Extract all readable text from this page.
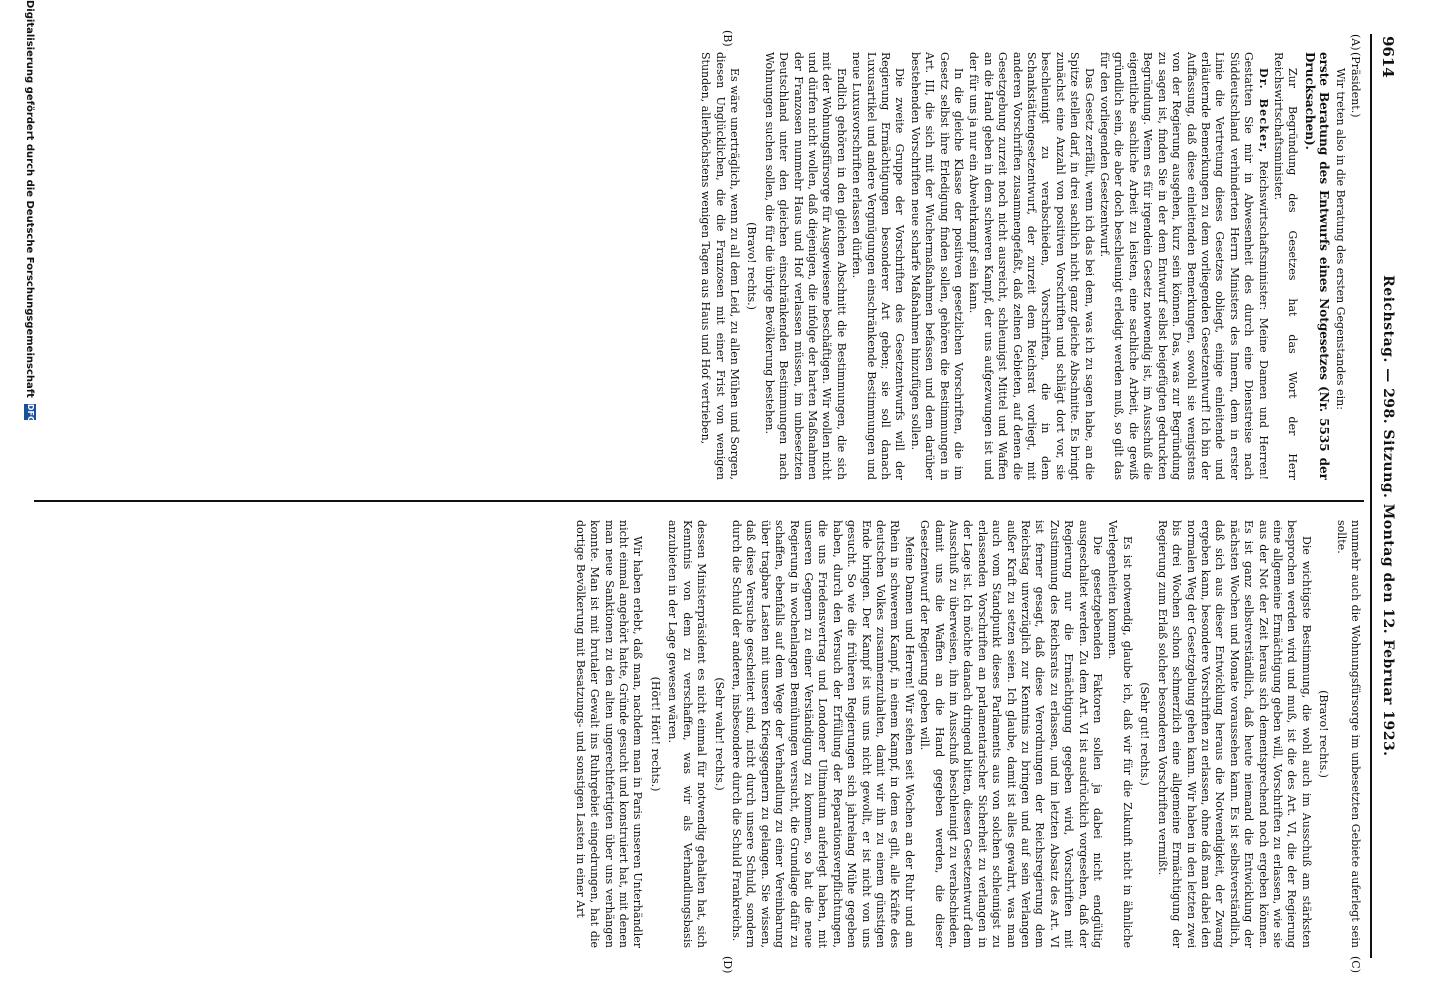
9614
Reichstag. — 298. Sitzung. Montag den 12. Februar 1923.
(A)
(B)
(C)
(D)

(Präsident.)

Wir treten also in die Beratung des ersten Gegenstandes ein:

erste Beratung des Entwurfs eines Notgesetzes (Nr. 5535 der Drucksachen).

Zur Begründung des Gesetzes hat das Wort der Herr Reichswirtschaftsminister.

Dr. Becker, Reichswirtschaftsminister: Meine Damen und Herren! Gestatten Sie mir in Abwesenheit des durch eine Dienstreise nach Süddeutschland verhinderten Herrn Ministers des Innern, dem in erster Linie die Vertretung dieses Gesetzes obliegt, einige einleitende und erläuternde Bemerkungen zu dem vorliegenden Gesetzentwurf! Ich bin der Auffassung, daß diese einleitenden Bemerkungen, sowohl sie wenigstens von der Regierung ausgehen, kurz sein können. Das, was zur Begründung zu sagen ist, finden Sie in der dem Entwurf selbst beigefügten gedruckten Begründung. Wenn es für irgendein Gesetz notwendig ist, im Ausschuß die eigentliche sachliche Arbeit zu leisten, eine sachliche Arbeit, die gewiß gründlich sein, die aber doch beschleunigt erledigt werden muß, so gilt das für den vorliegenden Gesetzentwurf.

Das Gesetz zerfällt, wenn ich das bei dem, was ich zu sagen habe, an die Spitze stellen darf, in drei sachlich nicht ganz gleiche Abschnitte. Es bringt zunächst eine Anzahl von positiven Vorschriften und schlägt dort vor, sie beschleunigt zu verabschieden, Vorschriften, die in dem Schankstättengesetzentwurf, der zurzeit dem Reichsrat vorliegt, mit anderen Vorschriften zusammengefaßt, daß zelnen Gebieten, auf denen die Gesetzgebung zurzeit noch nicht ausreicht, schleunigst Mittel und Waffen an die Hand geben in dem schweren Kampf, der uns aufgezwungen ist und der für uns ja nur ein Abwehrkampf sein kann.

In die gleiche Klasse der positiven gesetzlichen Vorschriften, die im Gesetz selbst ihre Erledigung finden sollen, gehören die Bestimmungen in Art. III, die sich mit der Wuchermaßnahmen befassen und dem darüber bestehenden Vorschriften neue scharfe Maßnahmen hinzufügen sollen.

Die zweite Gruppe der Vorschriften des Gesetzentwurfs will der Regierung Ermächtigungen besonderer Art geben; sie soll danach Luxusartikel und andere Vergnügungen einschränkende Bestimmungen und neue Luxusvorschriften erlassen dürfen.

Endlich gehören in den gleichen Abschnitt die Bestimmungen, die sich mit der Wohnungsfürsorge für Ausgewiesene beschäftigen. Wir wollen nicht und dürfen nicht wollen, daß diejenigen, die infolge der harten Maßnahmen der Franzosen nunmehr Haus und Hof verlassen müssen, im unbesetzten Deutschland unter den gleichen einschränkenden Bestimmungen nach Wohnungen suchen sollen, die für die übrige Bevölkerung bestehen.

(Bravo! rechts.)

Es wäre unerträglich, wenn zu all dem Leid, zu allen Mühen und Sorgen, diesen Unglücklichen, die die Franzosen mit einer Frist von wenigen Stunden, allerhöchstens wenigen Tagen aus Haus und Hof vertrieben,

nunmehr auch die Wohnungsfürsorge im unbesetzten Gebiete auferlegt sein sollte.

(Bravo! rechts.)

Die wichtigste Bestimmung, die wohl auch im Ausschuß am stärksten besprochen werden wird und muß, ist die des Art. VI, die der Regierung eine allgemeine Ermächtigung geben will, Vorschriften zu erlassen, wie sie aus der Not der Zeit heraus sich dementsprechend noch ergeben können. Es ist ganz selbstverständlich, daß heute niemand die Entwicklung der nächsten Wochen und Monate voraussehen kann. Es ist selbstverständlich, daß sich aus dieser Entwicklung heraus die Notwendigkeit, der Zwang ergeben kann, besondere Vorschriften zu erlassen, ohne daß man dabei den normalen Weg der Gesetzgebung gehen kann. Wir haben in den letzten zwei bis drei Wochen schon schmerzlich eine allgemeine Ermächtigung der Regierung zum Erlaß solcher besonderen Vorschriften vermißt.

(Sehr gut! rechts.)

Es ist notwendig, glaube ich, daß wir für die Zukunft nicht in ähnliche Verlegenheiten kommen.

Die gesetzgebenden Faktoren sollen ja dabei nicht endgültig ausgeschaltet werden. Zu dem Art. VI ist ausdrücklich vorgesehen, daß der Regierung nur die Ermächtigung gegeben wird, Vorschriften mit Zustimmung des Reichsrats zu erlassen, und im letzten Absatz des Art. VI ist ferner gesagt, daß diese Verordnungen der Reichsregierung dem Reichstag unverzüglich zur Kenntnis zu bringen und auf sein Verlangen außer Kraft zu setzen seien. Ich glaube, damit ist alles gewahrt, was man auch vom Standpunkt dieses Parlaments aus von solchen schleunigst zu erlassenden Vorschriften an parlamentarischer Sicherheit zu verlangen in der Lage ist. Ich möchte danach dringend bitten, diesen Gesetzentwurf dem Ausschuß zu überweisen, ihn im Ausschuß beschleunigt zu verabschieden, damit uns die Waffen an die Hand gegeben werden, die dieser Gesetzentwurf der Regierung geben will.

Meine Damen und Herren! Wir stehen seit Wochen an der Ruhr und am Rhein in schwerem Kampf, in einem Kampf, in dem es gilt, alle Kräfte des deutschen Volkes zusammenzuhalten, damit wir ihn zu einem günstigen Ende bringen. Der Kampf ist uns uns nicht gewollt, er ist nicht von uns gesucht. So wie die früheren Regierungen sich jahrelang Mühe gegeben haben, durch den Versuch der Erfüllung der Reparationsverpflichtungen, die uns Friedensvertrag und Londoner Ultimatum auferlegt haben, mit unseren Gegnern zu einer Verständigung zu kommen, so hat die neue Regierung in wochenlangen Bemühungen versucht, die Grundlage dafür zu schaffen, ebenfalls auf dem Wege der Verhandlung zu einer Vereinbarung über tragbare Lasten mit unseren Kriegsgegnern zu gelangen. Sie wissen, daß diese Versuche gescheitert sind, nicht durch unsere Schuld, sondern durch die Schuld der anderen, insbesondere durch die Schuld Frankreichs.

(Sehr wahr! rechts.)

dessen Ministerpräsident es nicht einmal für notwendig gehalten hat, sich Kenntnis von dem zu verschaffen, was wir als Verhandlungsbasis anzubieten in der Lage gewesen wären.

(Hört! Hört! rechts.)

Wir haben erlebt, daß man, nachdem man in Paris unseren Unterhändler nicht einmal angehört hatte, Gründe gesucht und konstruiert hat, mit denen man neue Sanktionen zu den alten ungerechtfertigten über uns verhängen konnte. Man ist mit brutaler Gewalt ins Ruhrgebiet eingedrungen, hat die dortige Bevölkerung mit Besatzungs- und sonstigen Lasten in einer Art

Digitalisierung gefördert durch die Deutsche Forschungsgemeinschaft
DFG
